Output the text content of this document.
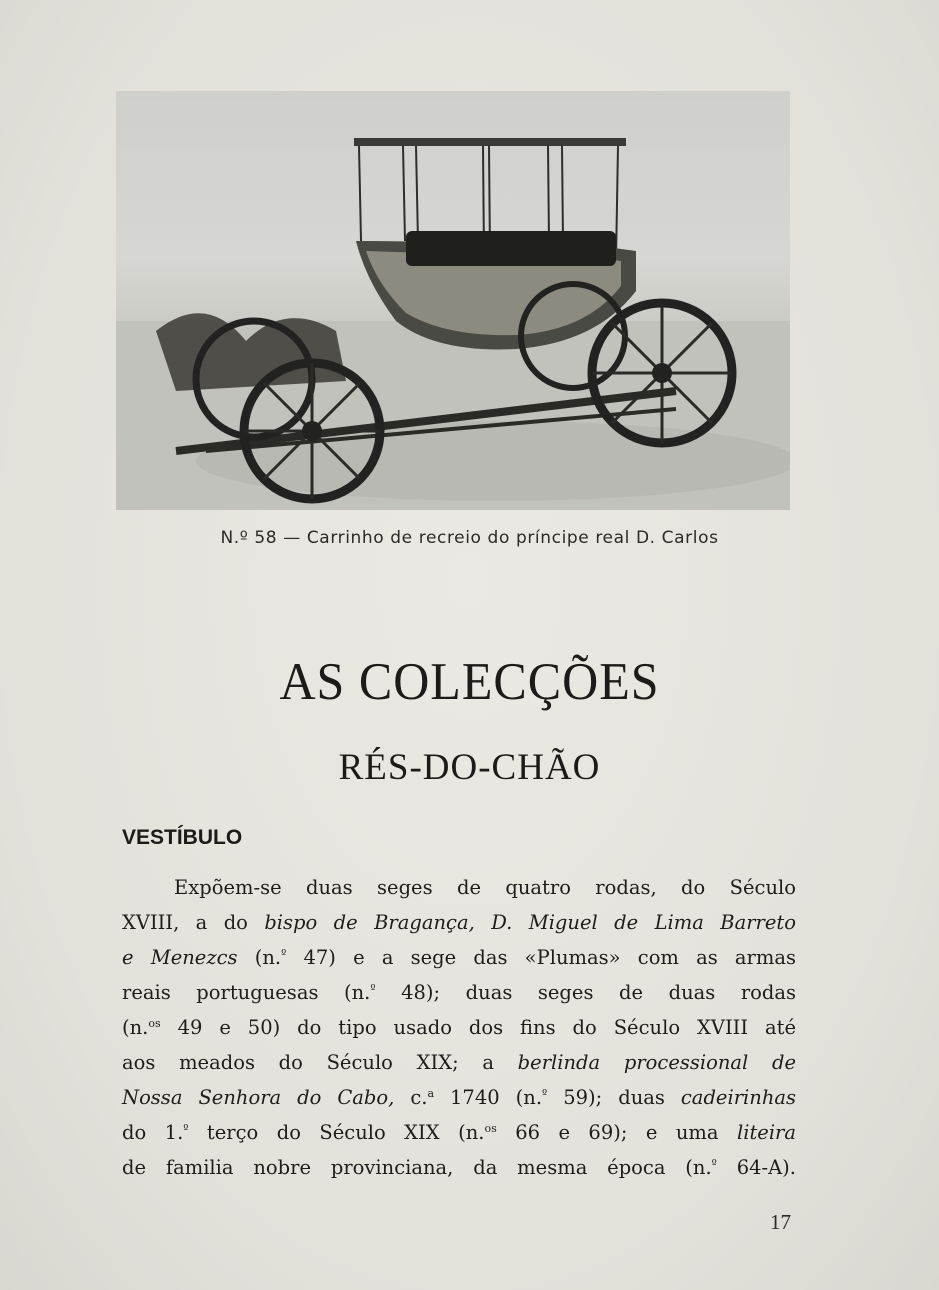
N.º 58 — Carrinho de recreio do príncipe real D. Carlos
AS COLECÇÕES
RÉS-DO-CHÃO
VESTÍBULO
Expõem-se duas seges de quatro rodas, do Século
XVIII, a do bispo de Bragança, D. Miguel de Lima Barreto
e Menezcs (n.$^º$ 47) e a sege das «Plumas» com as armas
reais portuguesas (n.$^º$ 48); duas seges de duas rodas
(n.$^{os}$ 49 e 50) do tipo usado dos fins do Século XVIII até
aos meados do Século XIX; a berlinda processional de
Nossa Senhora do Cabo, c.$^a$ 1740 (n.$^º$ 59); duas cadeirinhas
do 1.$^º$ terço do Século XIX (n.$^{os}$ 66 e 69); e uma liteira
de familia nobre provinciana, da mesma época (n.$^º$ 64-A).
17
